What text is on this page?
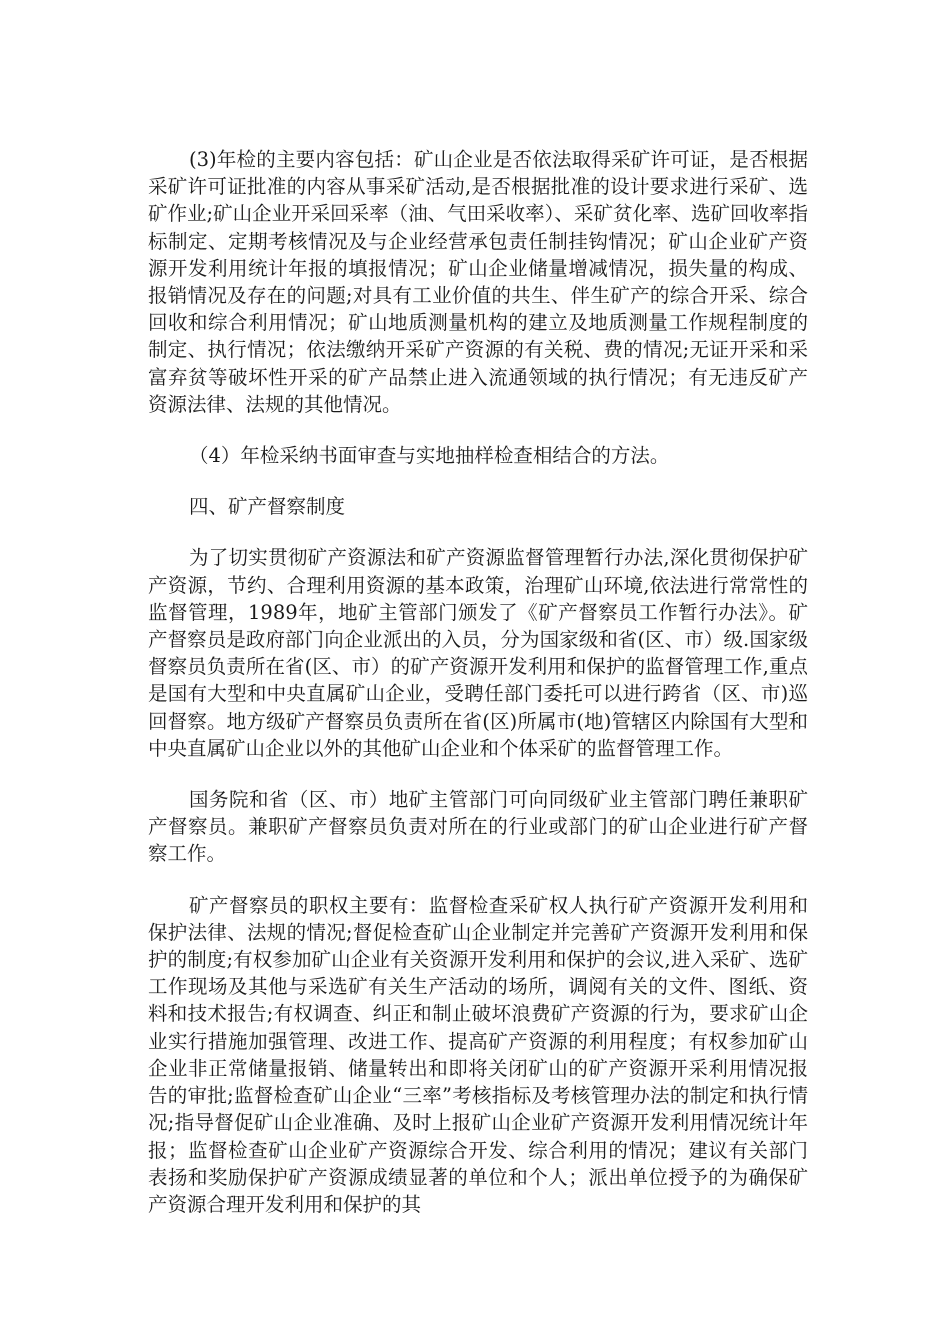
(3)年检的主要内容包括：矿山企业是否依法取得采矿许可证，是否根据采矿许可证批准的内容从事采矿活动,是否根据批准的设计要求进行采矿、选矿作业;矿山企业开采回采率（油、气田采收率）、采矿贫化率、选矿回收率指标制定、定期考核情况及与企业经营承包责任制挂钩情况；矿山企业矿产资源开发利用统计年报的填报情况；矿山企业储量增减情况，损失量的构成、报销情况及存在的问题;对具有工业价值的共生、伴生矿产的综合开采、综合回收和综合利用情况；矿山地质测量机构的建立及地质测量工作规程制度的制定、执行情况；依法缴纳开采矿产资源的有关税、费的情况;无证开采和采富弃贫等破坏性开采的矿产品禁止进入流通领域的执行情况；有无违反矿产资源法律、法规的其他情况。

（4）年检采纳书面审查与实地抽样检查相结合的方法。

四、矿产督察制度

为了切实贯彻矿产资源法和矿产资源监督管理暂行办法,深化贯彻保护矿产资源，节约、合理利用资源的基本政策，治理矿山环境,依法进行常常性的监督管理，1989年，地矿主管部门颁发了《矿产督察员工作暂行办法》。矿产督察员是政府部门向企业派出的入员，分为国家级和省(区、市）级.国家级督察员负责所在省(区、市）的矿产资源开发利用和保护的监督管理工作,重点是国有大型和中央直属矿山企业，受聘任部门委托可以进行跨省（区、市)巡回督察。地方级矿产督察员负责所在省(区)所属市(地)管辖区内除国有大型和中央直属矿山企业以外的其他矿山企业和个体采矿的监督管理工作。

国务院和省（区、市）地矿主管部门可向同级矿业主管部门聘任兼职矿产督察员。兼职矿产督察员负责对所在的行业或部门的矿山企业进行矿产督察工作。

矿产督察员的职权主要有：监督检查采矿权人执行矿产资源开发利用和保护法律、法规的情况;督促检查矿山企业制定并完善矿产资源开发利用和保护的制度;有权参加矿山企业有关资源开发利用和保护的会议,进入采矿、选矿工作现场及其他与采选矿有关生产活动的场所，调阅有关的文件、图纸、资料和技术报告;有权调查、纠正和制止破坏浪费矿产资源的行为，要求矿山企业实行措施加强管理、改进工作、提高矿产资源的利用程度；有权参加矿山企业非正常储量报销、储量转出和即将关闭矿山的矿产资源开采利用情况报告的审批;监督检查矿山企业“三率”考核指标及考核管理办法的制定和执行情况;指导督促矿山企业准确、及时上报矿山企业矿产资源开发利用情况统计年报；监督检查矿山企业矿产资源综合开发、综合利用的情况；建议有关部门表扬和奖励保护矿产资源成绩显著的单位和个人；派出单位授予的为确保矿产资源合理开发利用和保护的其
